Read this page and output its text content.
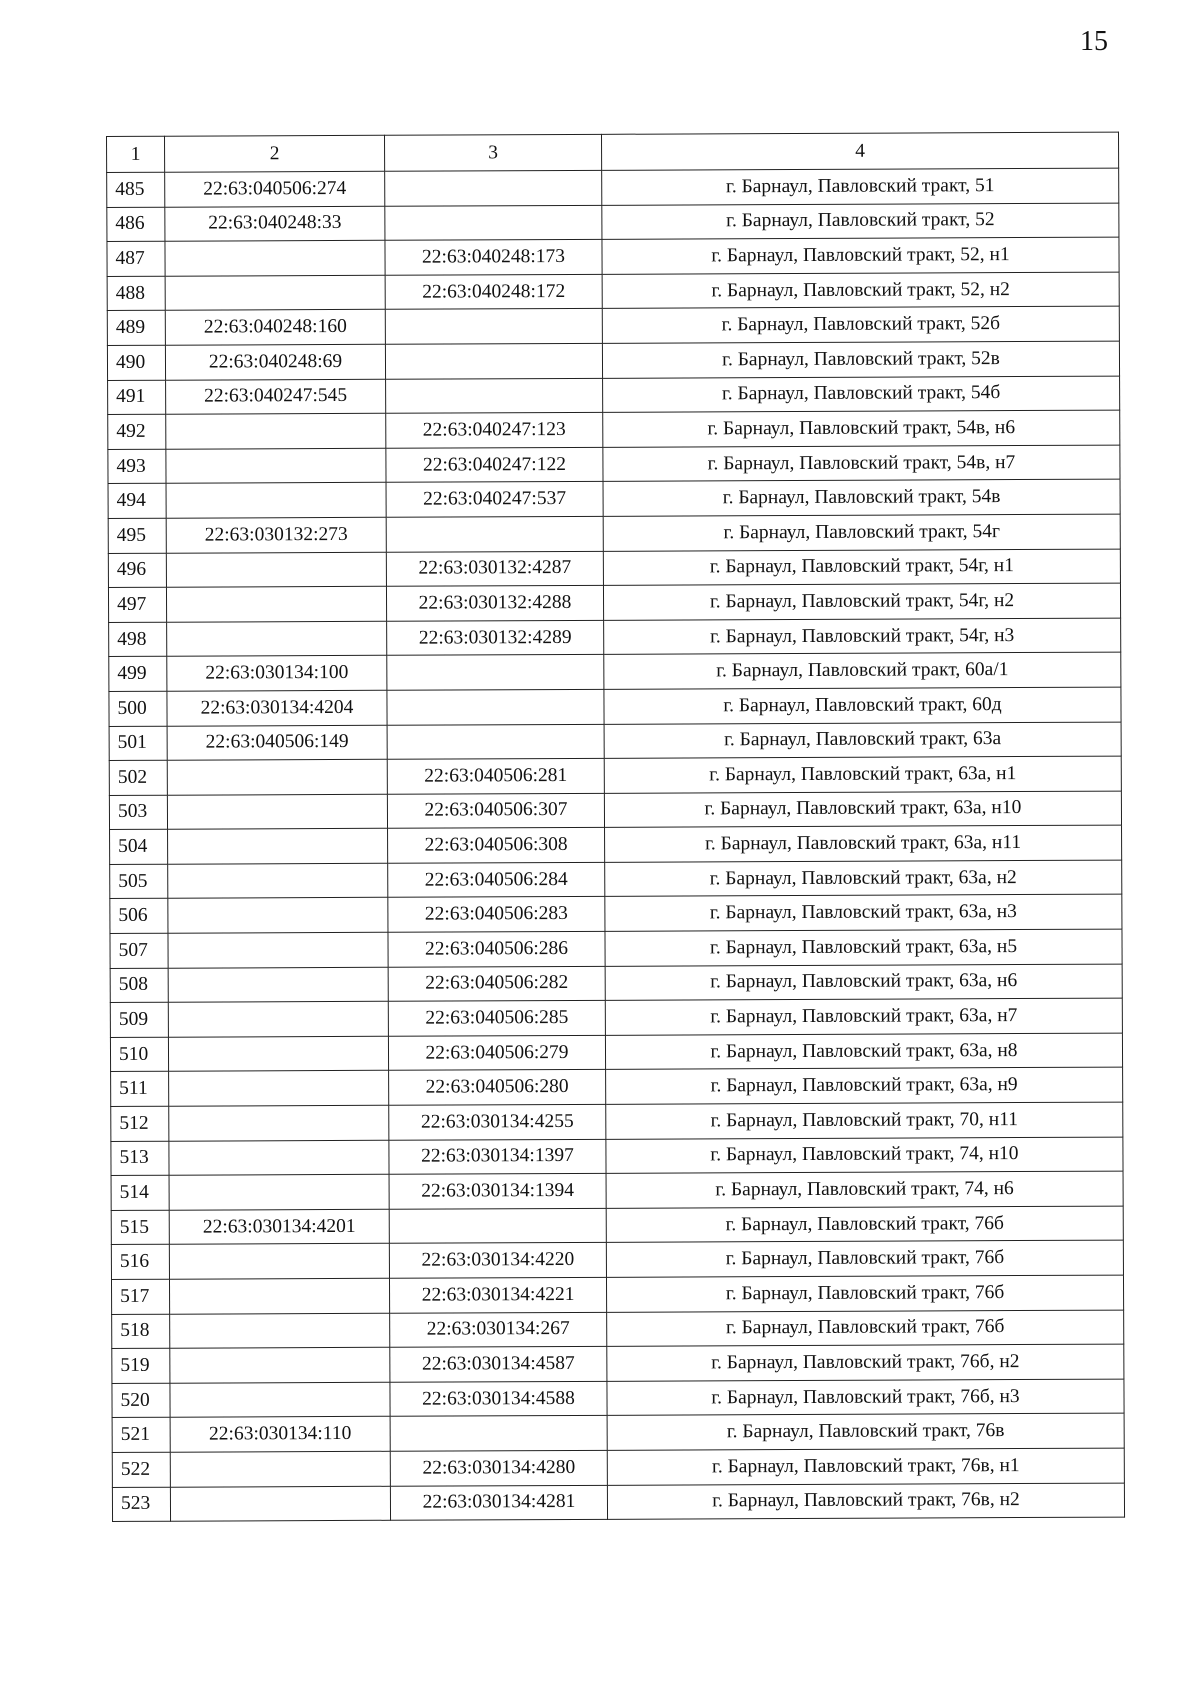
15
1	2	3	4
485	22:63:040506:274		г. Барнаул, Павловский тракт, 51
486	22:63:040248:33		г. Барнаул, Павловский тракт, 52
487		22:63:040248:173	г. Барнаул, Павловский тракт, 52, н1
488		22:63:040248:172	г. Барнаул, Павловский тракт, 52, н2
489	22:63:040248:160		г. Барнаул, Павловский тракт, 52б
490	22:63:040248:69		г. Барнаул, Павловский тракт, 52в
491	22:63:040247:545		г. Барнаул, Павловский тракт, 54б
492		22:63:040247:123	г. Барнаул, Павловский тракт, 54в, н6
493		22:63:040247:122	г. Барнаул, Павловский тракт, 54в, н7
494		22:63:040247:537	г. Барнаул, Павловский тракт, 54в
495	22:63:030132:273		г. Барнаул, Павловский тракт, 54г
496		22:63:030132:4287	г. Барнаул, Павловский тракт, 54г, н1
497		22:63:030132:4288	г. Барнаул, Павловский тракт, 54г, н2
498		22:63:030132:4289	г. Барнаул, Павловский тракт, 54г, н3
499	22:63:030134:100		г. Барнаул, Павловский тракт, 60а/1
500	22:63:030134:4204		г. Барнаул, Павловский тракт, 60д
501	22:63:040506:149		г. Барнаул, Павловский тракт, 63а
502		22:63:040506:281	г. Барнаул, Павловский тракт, 63а, н1
503		22:63:040506:307	г. Барнаул, Павловский тракт, 63а, н10
504		22:63:040506:308	г. Барнаул, Павловский тракт, 63а, н11
505		22:63:040506:284	г. Барнаул, Павловский тракт, 63а, н2
506		22:63:040506:283	г. Барнаул, Павловский тракт, 63а, н3
507		22:63:040506:286	г. Барнаул, Павловский тракт, 63а, н5
508		22:63:040506:282	г. Барнаул, Павловский тракт, 63а, н6
509		22:63:040506:285	г. Барнаул, Павловский тракт, 63а, н7
510		22:63:040506:279	г. Барнаул, Павловский тракт, 63а, н8
511		22:63:040506:280	г. Барнаул, Павловский тракт, 63а, н9
512		22:63:030134:4255	г. Барнаул, Павловский тракт, 70, н11
513		22:63:030134:1397	г. Барнаул, Павловский тракт, 74, н10
514		22:63:030134:1394	г. Барнаул, Павловский тракт, 74, н6
515	22:63:030134:4201		г. Барнаул, Павловский тракт, 76б
516		22:63:030134:4220	г. Барнаул, Павловский тракт, 76б
517		22:63:030134:4221	г. Барнаул, Павловский тракт, 76б
518		22:63:030134:267	г. Барнаул, Павловский тракт, 76б
519		22:63:030134:4587	г. Барнаул, Павловский тракт, 76б, н2
520		22:63:030134:4588	г. Барнаул, Павловский тракт, 76б, н3
521	22:63:030134:110		г. Барнаул, Павловский тракт, 76в
522		22:63:030134:4280	г. Барнаул, Павловский тракт, 76в, н1
523		22:63:030134:4281	г. Барнаул, Павловский тракт, 76в, н2
